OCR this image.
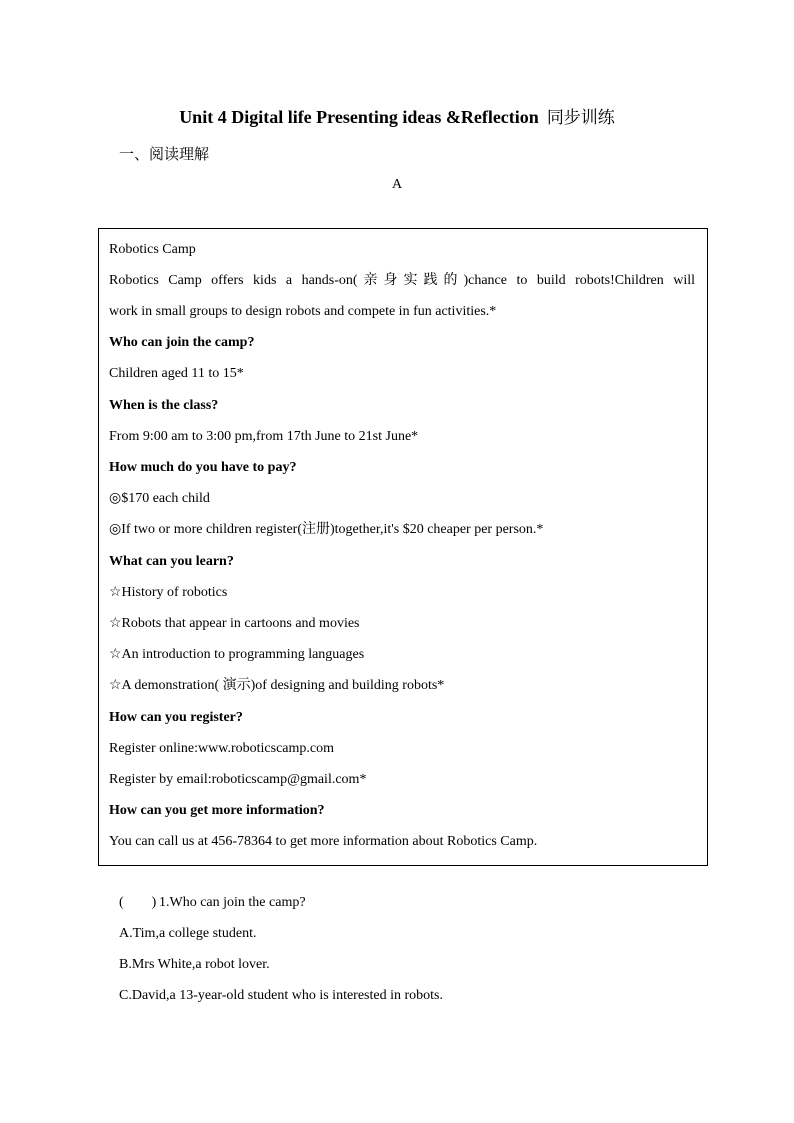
Unit 4 Digital life Presenting ideas &Reflection 同步训练
一、阅读理解
A
Robotics Camp
Robotics Camp offers kids a hands-on(亲身实践的)chance to build robots!Children will
work in small groups to design robots and compete in fun activities.*
Who can join the camp?
Children aged 11 to 15*
When is the class?
From 9:00 am to 3:00 pm,from 17th June to 21st June*
How much do you have to pay?
◎$170 each child
◎If two or more children register(注册)together,it's $20 cheaper per person.*
What can you learn?
☆History of robotics
☆Robots that appear in cartoons and movies
☆An introduction to programming languages
☆A demonstration( 演示)of designing and building robots*
How can you register?
Register online:www.roboticscamp.com
Register by email:roboticscamp@gmail.com*
How can you get more information?
You can call us at 456-78364 to get more information about Robotics Camp.
( ) 1.Who can join the camp?
A.Tim,a college student.
B.Mrs White,a robot lover.
C.David,a 13-year-old student who is interested in robots.
